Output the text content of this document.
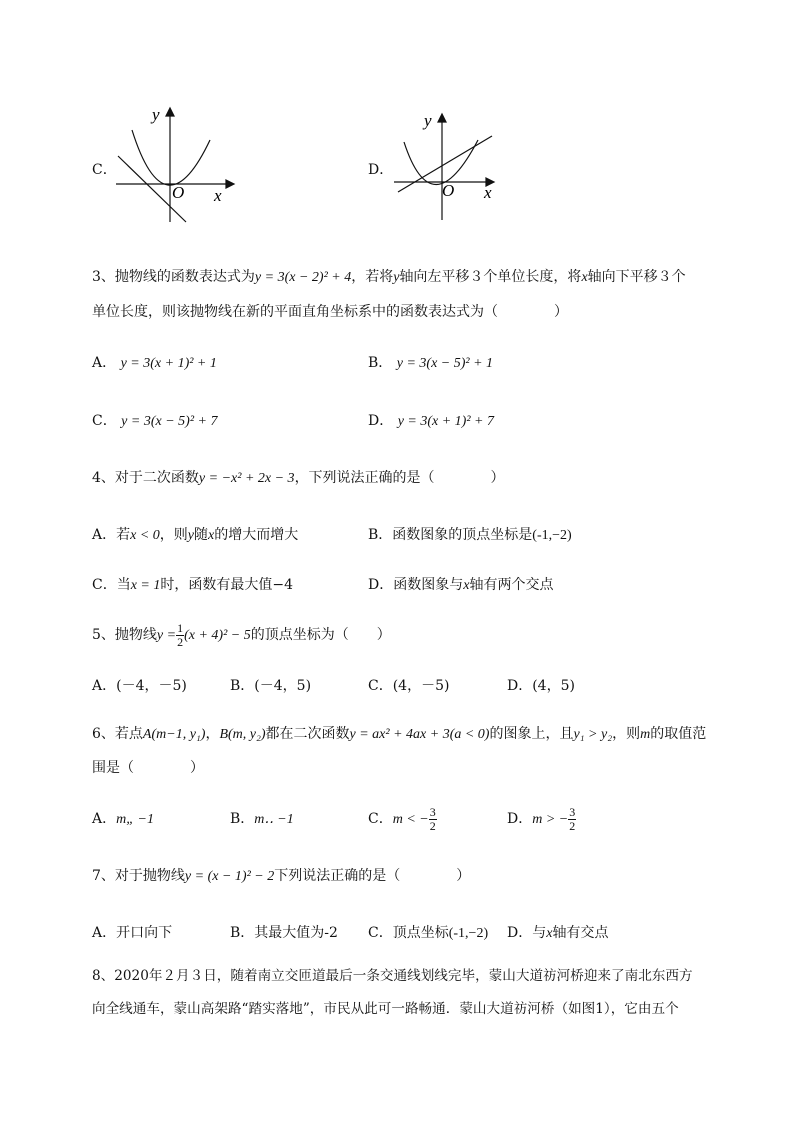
C．
y
x
O
D．
y
x
O
3、抛物线的函数表达式为y = 3(x − 2)² + 4，若将y轴向左平移３个单位长度，将x轴向下平移３个
单位长度，则该抛物线在新的平面直角坐标系中的函数表达式为（　　　　）
A． y = 3(x + 1)² + 1	B． y = 3(x − 5)² + 1
C． y = 3(x − 5)² + 7	D． y = 3(x + 1)² + 7
4、对于二次函数y = −x² + 2x − 3，下列说法正确的是（　　　　）
A．若x < 0，则y随x的增大而增大	B．函数图象的顶点坐标是(-1,−2)
C．当x = 1时，函数有最大值−4	D．函数图象与x轴有两个交点
5、抛物线$y = \frac{1}{2} (x + 4)^2 - 5$的顶点坐标为（　　）
A．(－4，－5)	B．(－4，5)	C．(4，－5)	D．(4，5)
6、若点A(m−1, y₁)，B(m, y₂)都在二次函数y = ax² + 4ax + 3(a < 0)的图象上，且y₁ > y₂，则m的取值范
围是（　　　　）
A．m„ −1	B．m‥ −1	C．m < − $\frac{3}{2}$	D．m > − $\frac{3}{2}$
7、对于抛物线y = (x − 1)² − 2下列说法正确的是（　　　　）
A．开口向下	B．其最大值为-2 C．顶点坐标(-1,−2) D．与x轴有交点
8、2020年２月３日，随着南立交匝道最后一条交通线划线完毕，蒙山大道祊河桥迎来了南北东西方
向全线通车，蒙山高架路“踏实落地”，市民从此可一路畅通．蒙山大道祊河桥（如图1），它由五个
